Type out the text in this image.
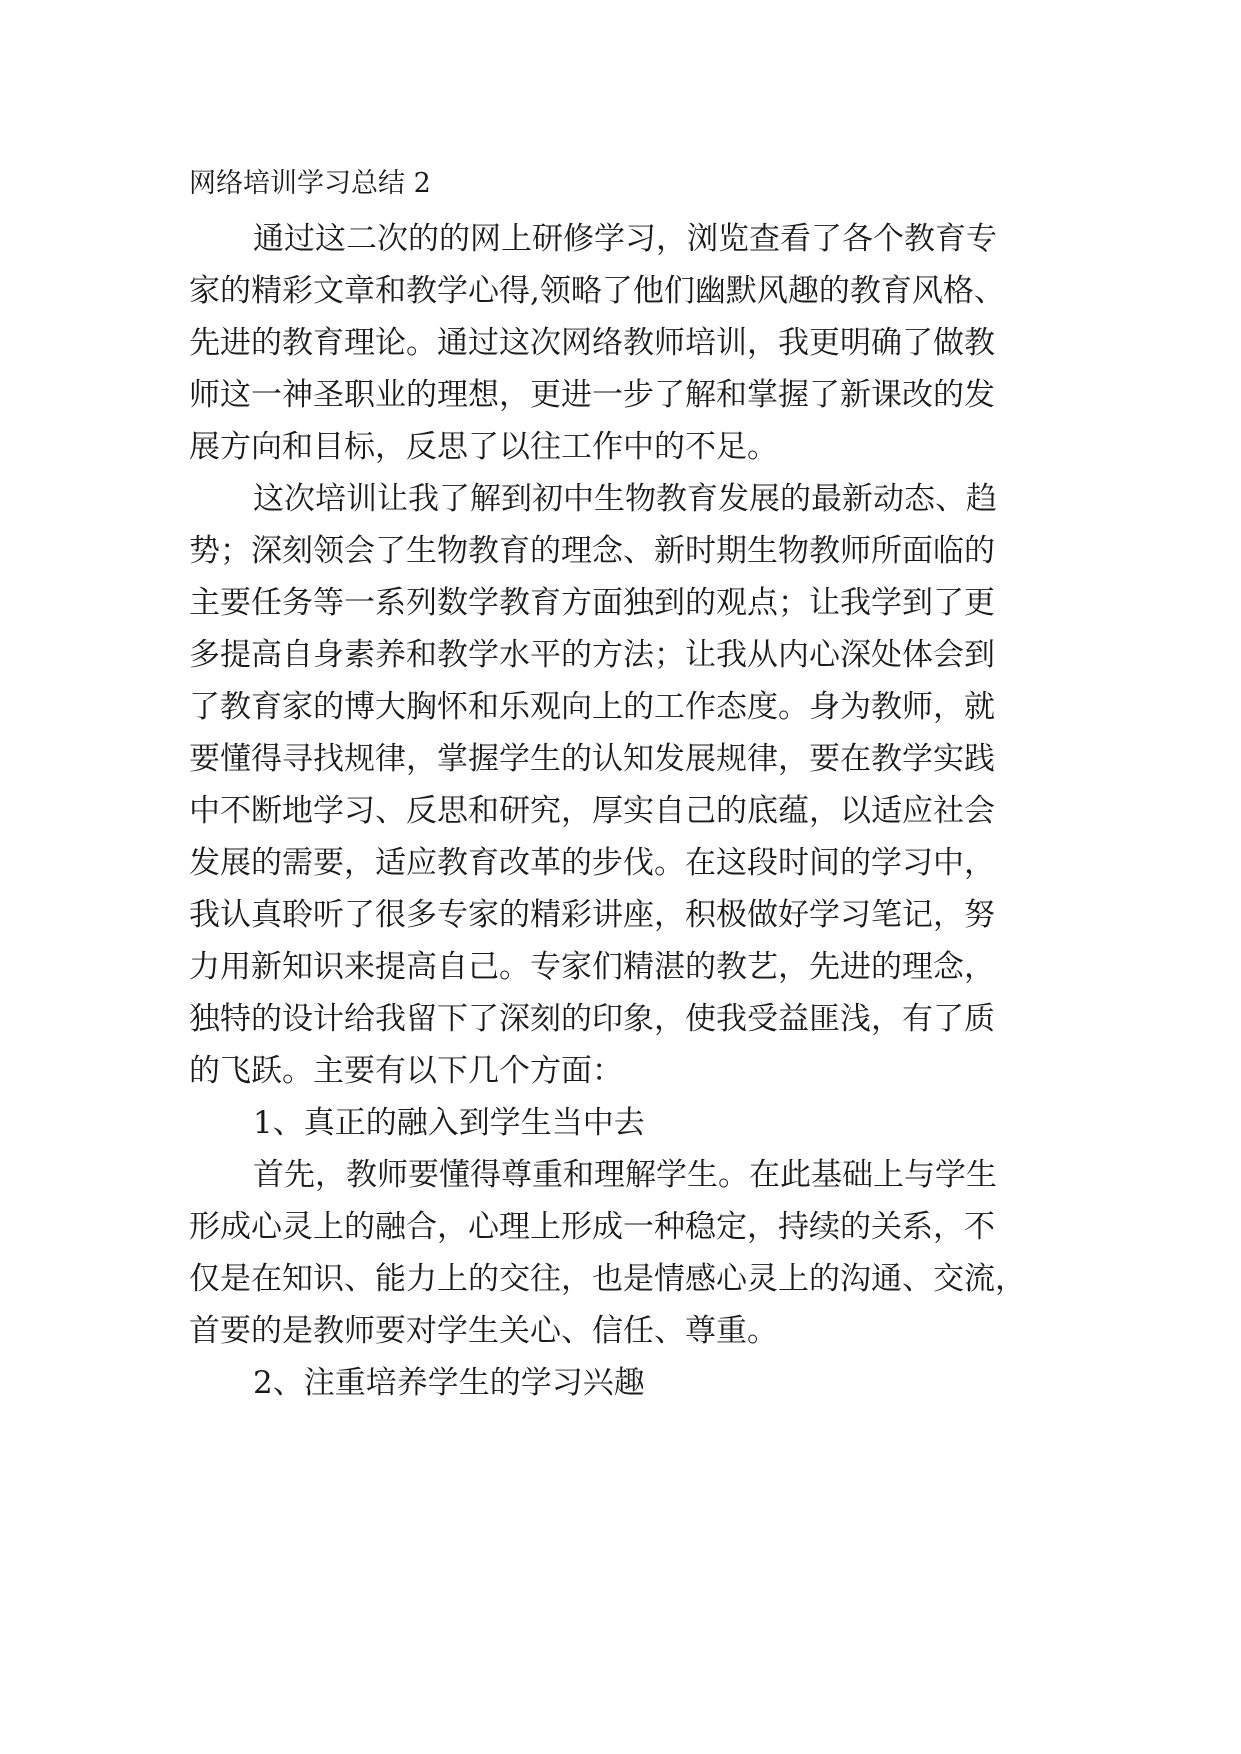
网络培训学习总结 2
通过这二次的的网上研修学习，浏览查看了各个教育专
家的精彩文章和教学心得,领略了他们幽默风趣的教育风格、
先进的教育理论。通过这次网络教师培训，我更明确了做教
师这一神圣职业的理想，更进一步了解和掌握了新课改的发
展方向和目标，反思了以往工作中的不足。
这次培训让我了解到初中生物教育发展的最新动态、趋
势；深刻领会了生物教育的理念、新时期生物教师所面临的
主要任务等一系列数学教育方面独到的观点；让我学到了更
多提高自身素养和教学水平的方法；让我从内心深处体会到
了教育家的博大胸怀和乐观向上的工作态度。身为教师，就
要懂得寻找规律，掌握学生的认知发展规律，要在教学实践
中不断地学习、反思和研究，厚实自己的底蕴，以适应社会
发展的需要，适应教育改革的步伐。在这段时间的学习中，
我认真聆听了很多专家的精彩讲座，积极做好学习笔记，努
力用新知识来提高自己。专家们精湛的教艺，先进的理念，
独特的设计给我留下了深刻的印象，使我受益匪浅，有了质
的飞跃。主要有以下几个方面：
1、真正的融入到学生当中去
首先，教师要懂得尊重和理解学生。在此基础上与学生
形成心灵上的融合，心理上形成一种稳定，持续的关系，不
仅是在知识、能力上的交往，也是情感心灵上的沟通、交流，
首要的是教师要对学生关心、信任、尊重。
2、注重培养学生的学习兴趣
